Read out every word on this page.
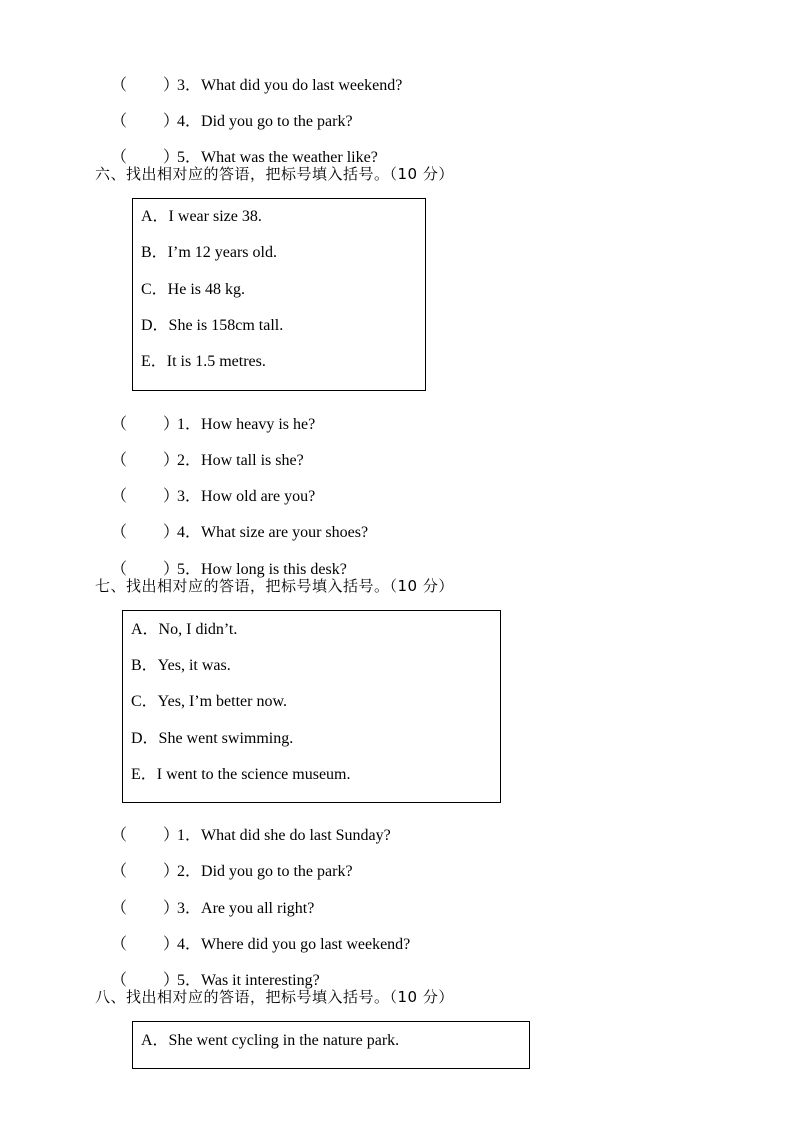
（ ）3．What did you do last weekend?

（ ）4．Did you go to the park?

（ ）5．What was the weather like?

六、找出相对应的答语，把标号填入括号。（10 分）
A．I wear size 38.
B．I’m 12 years old.
C．He is 48 kg.
D．She is 158cm tall.
E．It is 1.5 metres.

（ ）1．How heavy is he?

（ ）2．How tall is she?

（ ）3．How old are you?

（ ）4．What size are your shoes?

（ ）5．How long is this desk?

七、找出相对应的答语，把标号填入括号。（10 分）
A．No, I didn’t.
B．Yes, it was.
C．Yes, I’m better now.
D．She went swimming.
E．I went to the science museum.

（ ）1．What did she do last Sunday?

（ ）2．Did you go to the park?

（ ）3．Are you all right?

（ ）4．Where did you go last weekend?

（ ）5．Was it interesting?

八、找出相对应的答语，把标号填入括号。（10 分）
A．She went cycling in the nature park.
